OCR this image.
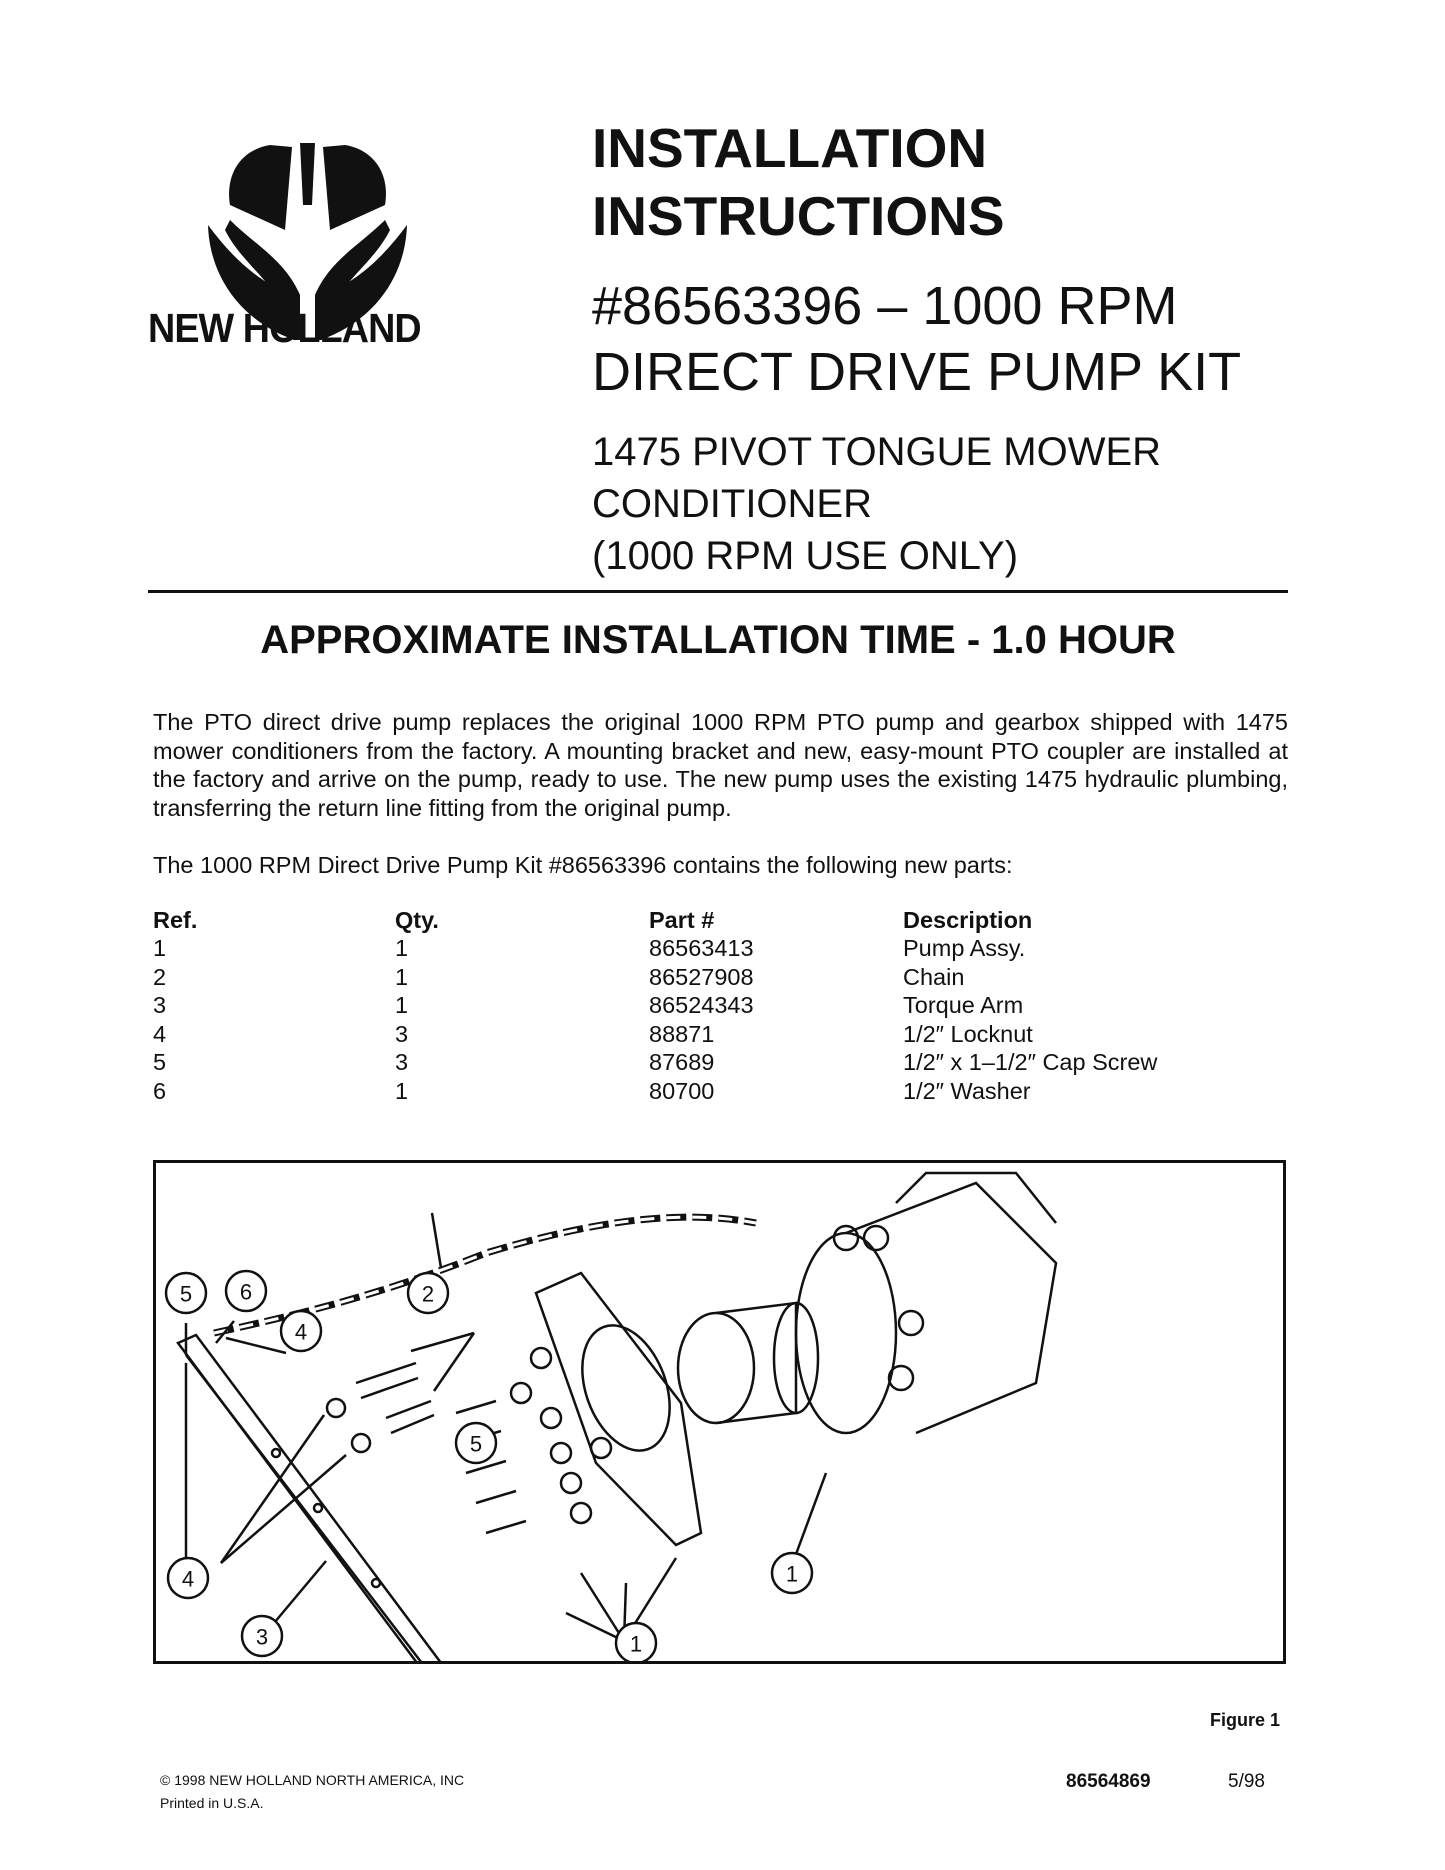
NEW HOLLAND
INSTALLATION
INSTRUCTIONS
#86563396 – 1000 RPM
DIRECT DRIVE PUMP KIT
1475 PIVOT TONGUE MOWER
CONDITIONER
(1000 RPM USE ONLY)
APPROXIMATE INSTALLATION TIME - 1.0 HOUR
The PTO direct drive pump replaces the original 1000 RPM PTO pump and gearbox shipped with 1475 mower conditioners from the factory. A mounting bracket and new, easy-mount PTO coupler are installed at the factory and arrive on the pump, ready to use. The new pump uses the existing 1475 hydraulic plumbing, transferring the return line fitting from the original pump.
The 1000 RPM Direct Drive Pump Kit #86563396 contains the following new parts:
Ref.	Qty.	Part #	Description
1	1	86563413	Pump Assy.
2	1	86527908	Chain
3	1	86524343	Torque Arm
4	3	88871	1/2″ Locknut
5	3	87689	1/2″ x 1–1/2″ Cap Screw
6	1	80700	1/2″ Washer
5 6
4
2
5
4
3
1
1
Figure 1
© 1998 NEW HOLLAND NORTH AMERICA, INC
Printed in U.S.A.
86564869	5/98
